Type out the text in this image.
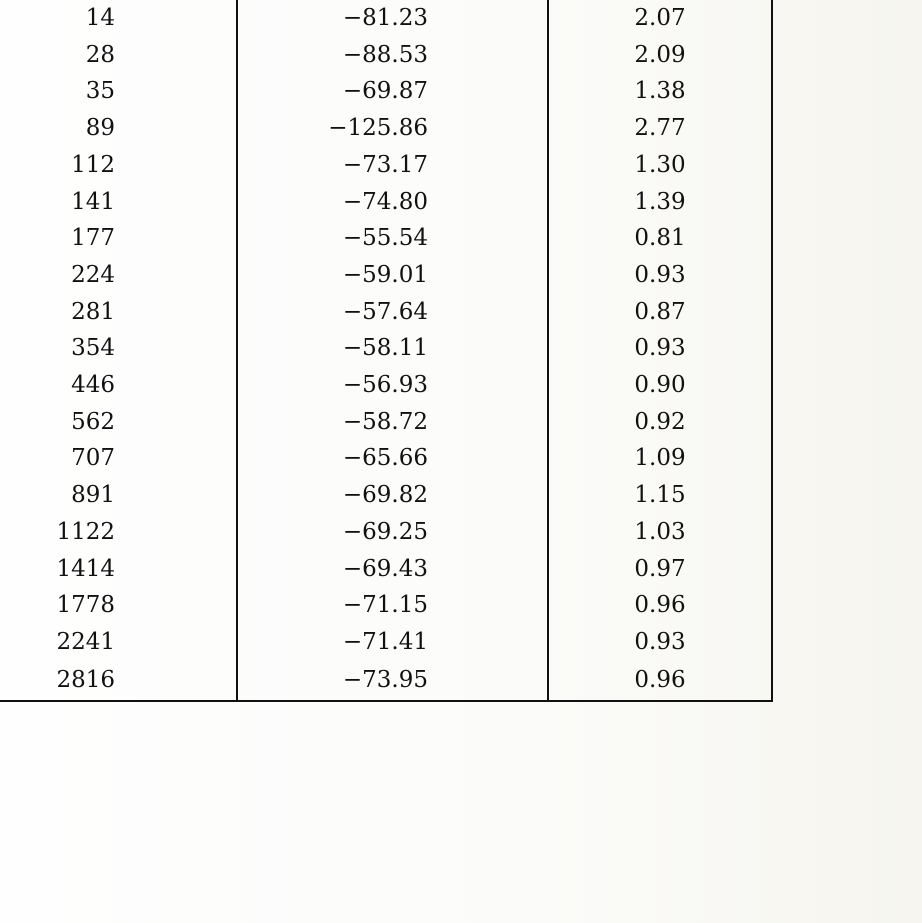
14	−81.23	2.07

28	−88.53	2.09

35	−69.87	1.38

89	−125.86	2.77

112	−73.17	1.30

141	−74.80	1.39

177	−55.54	0.81

224	−59.01	0.93

281	−57.64	0.87

354	−58.11	0.93

446	−56.93	0.90

562	−58.72	0.92

707	−65.66	1.09

891	−69.82	1.15

1122	−69.25	1.03

1414	−69.43	0.97

1778	−71.15	0.96

2241	−71.41	0.93

2816	−73.95	0.96
